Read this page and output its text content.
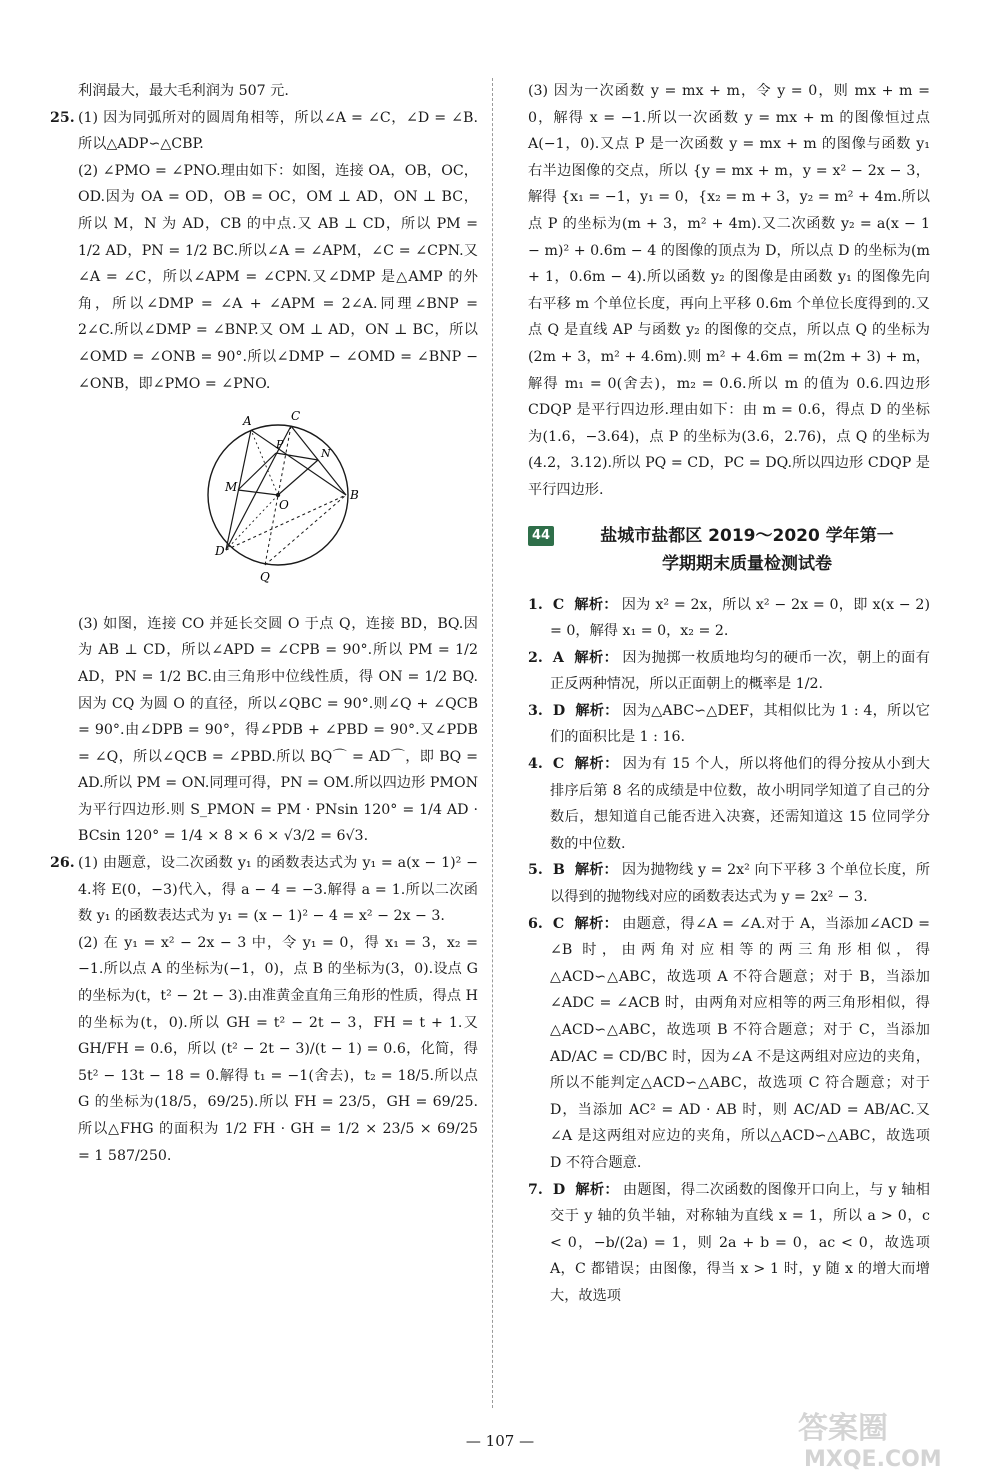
利润最大，最大毛利润为 507 元.

25. (1) 因为同弧所对的圆周角相等，所以∠A = ∠C，∠D = ∠B.所以△ADP∽△CBP.

(2) ∠PMO = ∠PNO.理由如下：如图，连接 OA，OB，OC，OD.因为 OA = OD，OB = OC，OM ⊥ AD，ON ⊥ BC，所以 M，N 为 AD，CB 的中点.又 AB ⊥ CD，所以 PM = 1/2 AD，PN = 1/2 BC.所以∠A = ∠APM，∠C = ∠CPN.又∠A = ∠C，所以∠APM = ∠CPN.又∠DMP 是△AMP 的外角，所以∠DMP = ∠A + ∠APM = 2∠A.同理∠BNP = 2∠C.所以∠DMP = ∠BNP.又 OM ⊥ AD，ON ⊥ BC，所以∠OMD = ∠ONB = 90°.所以∠DMP − ∠OMD = ∠BNP − ∠ONB，即∠PMO = ∠PNO.

A	C
P
N
M
O
B
D
Q

(3) 如图，连接 CO 并延长交圆 O 于点 Q，连接 BD，BQ.因为 AB ⊥ CD，所以∠APD = ∠CPB = 90°.所以 PM = 1/2 AD，PN = 1/2 BC.由三角形中位线性质，得 ON = 1/2 BQ.因为 CQ 为圆 O 的直径，所以∠QBC = 90°.则∠Q + ∠QCB = 90°.由∠DPB = 90°，得∠PDB + ∠PBD = 90°.又∠PDB = ∠Q，所以∠QCB = ∠PBD.所以 BQ⌒ = AD⌒，即 BQ = AD.所以 PM = ON.同理可得，PN = OM.所以四边形 PMON 为平行四边形.则 S_PMON = PM · PNsin 120° = 1/4 AD · BCsin 120° = 1/4 × 8 × 6 × √3/2 = 6√3.

26. (1) 由题意，设二次函数 y₁ 的函数表达式为 y₁ = a(x − 1)² − 4.将 E(0，−3)代入，得 a − 4 = −3.解得 a = 1.所以二次函数 y₁ 的函数表达式为 y₁ = (x − 1)² − 4 = x² − 2x − 3.

(2) 在 y₁ = x² − 2x − 3 中，令 y₁ = 0，得 x₁ = 3，x₂ = −1.所以点 A 的坐标为(−1，0)，点 B 的坐标为(3，0).设点 G 的坐标为(t，t² − 2t − 3).由准黄金直角三角形的性质，得点 H 的坐标为(t，0).所以 GH = t² − 2t − 3，FH = t + 1.又 GH/FH = 0.6，所以 (t² − 2t − 3)/(t − 1) = 0.6，化简，得 5t² − 13t − 18 = 0.解得 t₁ = −1(舍去)，t₂ = 18/5.所以点 G 的坐标为(18/5，69/25).所以 FH = 23/5，GH = 69/25.所以△FHG 的面积为 1/2 FH · GH = 1/2 × 23/5 × 69/25 = 1 587/250.

(3) 因为一次函数 y = mx + m，令 y = 0，则 mx + m = 0，解得 x = −1.所以一次函数 y = mx + m 的图像恒过点A(−1，0).又点 P 是一次函数 y = mx + m 的图像与函数 y₁ 右半边图像的交点，所以 {y = mx + m，y = x² − 2x − 3，解得 {x₁ = −1，y₁ = 0，{x₂ = m + 3，y₂ = m² + 4m.所以点 P 的坐标为(m + 3，m² + 4m).又二次函数 y₂ = a(x − 1 − m)² + 0.6m − 4 的图像的顶点为 D，所以点 D 的坐标为(m + 1，0.6m − 4).所以函数 y₂ 的图像是由函数 y₁ 的图像先向右平移 m 个单位长度，再向上平移 0.6m 个单位长度得到的.又点 Q 是直线 AP 与函数 y₂ 的图像的交点，所以点 Q 的坐标为(2m + 3，m² + 4.6m).则 m² + 4.6m = m(2m + 3) + m，解得 m₁ = 0(舍去)，m₂ = 0.6.所以 m 的值为 0.6.四边形 CDQP 是平行四边形.理由如下：由 m = 0.6，得点 D 的坐标为(1.6，−3.64)，点 P 的坐标为(3.6，2.76)，点 Q 的坐标为(4.2，3.12).所以 PQ = CD，PC = DQ.所以四边形 CDQP 是平行四边形.

44	盐城市盐都区 2019～2020 学年第一
学期期末质量检测试卷

1. C 解析： 因为 x² = 2x，所以 x² − 2x = 0，即 x(x − 2) = 0，解得 x₁ = 0，x₂ = 2.

2. A 解析： 因为抛掷一枚质地均匀的硬币一次，朝上的面有正反两种情况，所以正面朝上的概率是 1/2.

3. D 解析： 因为△ABC∽△DEF，其相似比为 1 : 4，所以它们的面积比是 1 : 16.

4. C 解析： 因为有 15 个人，所以将他们的得分按从小到大排序后第 8 名的成绩是中位数，故小明同学知道了自己的分数后，想知道自己能否进入决赛，还需知道这 15 位同学分数的中位数.

5. B 解析： 因为抛物线 y = 2x² 向下平移 3 个单位长度，所以得到的抛物线对应的函数表达式为 y = 2x² − 3.

6. C 解析： 由题意，得∠A = ∠A.对于 A，当添加∠ACD = ∠B 时，由两角对应相等的两三角形相似，得△ACD∽△ABC，故选项 A 不符合题意；对于 B，当添加∠ADC = ∠ACB 时，由两角对应相等的两三角形相似，得△ACD∽△ABC，故选项 B 不符合题意；对于 C，当添加 AD/AC = CD/BC 时，因为∠A 不是这两组对应边的夹角，所以不能判定△ACD∽△ABC，故选项 C 符合题意；对于 D，当添加 AC² = AD · AB 时，则 AC/AD = AB/AC.又∠A 是这两组对应边的夹角，所以△ACD∽△ABC，故选项 D 不符合题意.

7. D 解析： 由题图，得二次函数的图像开口向上，与 y 轴相交于 y 轴的负半轴，对称轴为直线 x = 1，所以 a > 0，c < 0，−b/(2a) = 1，则 2a + b = 0，ac < 0，故选项 A，C 都错误；由图像，得当 x > 1 时，y 随 x 的增大而增大，故选项

— 107 —	答案圈
MXQE.COM
